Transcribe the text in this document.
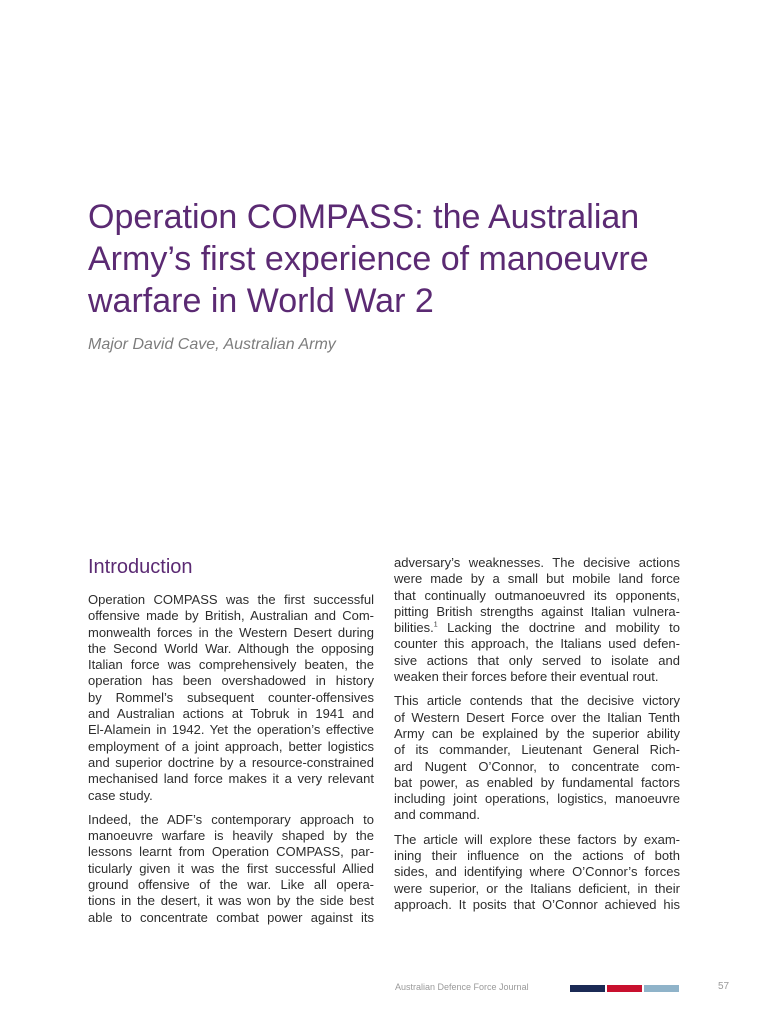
Operation COMPASS: the Australian
Army’s first experience of manoeuvre
warfare in World War 2

Major David Cave, Australian Army

Introduction
Operation COMPASS was the first successful
offensive made by British, Australian and Com-
monwealth forces in the Western Desert during
the Second World War. Although the opposing
Italian force was comprehensively beaten, the
operation has been overshadowed in history
by Rommel’s subsequent counter-offensives
and Australian actions at Tobruk in 1941 and
El-Alamein in 1942. Yet the operation’s effective
employment of a joint approach, better logistics
and superior doctrine by a resource-constrained
mechanised land force makes it a very relevant
case study.
Indeed, the ADF’s contemporary approach to
manoeuvre warfare is heavily shaped by the
lessons learnt from Operation COMPASS, par-
ticularly given it was the first successful Allied
ground offensive of the war. Like all opera-
tions in the desert, it was won by the side best
able to concentrate combat power against its
adversary’s weaknesses. The decisive actions
were made by a small but mobile land force
that continually outmanoeuvred its opponents,
pitting British strengths against Italian vulnera-
bilities.$^1$ Lacking the doctrine and mobility to
counter this approach, the Italians used defen-
sive actions that only served to isolate and
weaken their forces before their eventual rout.
This article contends that the decisive victory
of Western Desert Force over the Italian Tenth
Army can be explained by the superior ability
of its commander, Lieutenant General Rich-
ard Nugent O’Connor, to concentrate com-
bat power, as enabled by fundamental factors
including joint operations, logistics, manoeuvre
and command.
The article will explore these factors by exam-
ining their influence on the actions of both
sides, and identifying where O’Connor’s forces
were superior, or the Italians deficient, in their
approach. It posits that O’Connor achieved his
Australian Defence Force Journal	57
